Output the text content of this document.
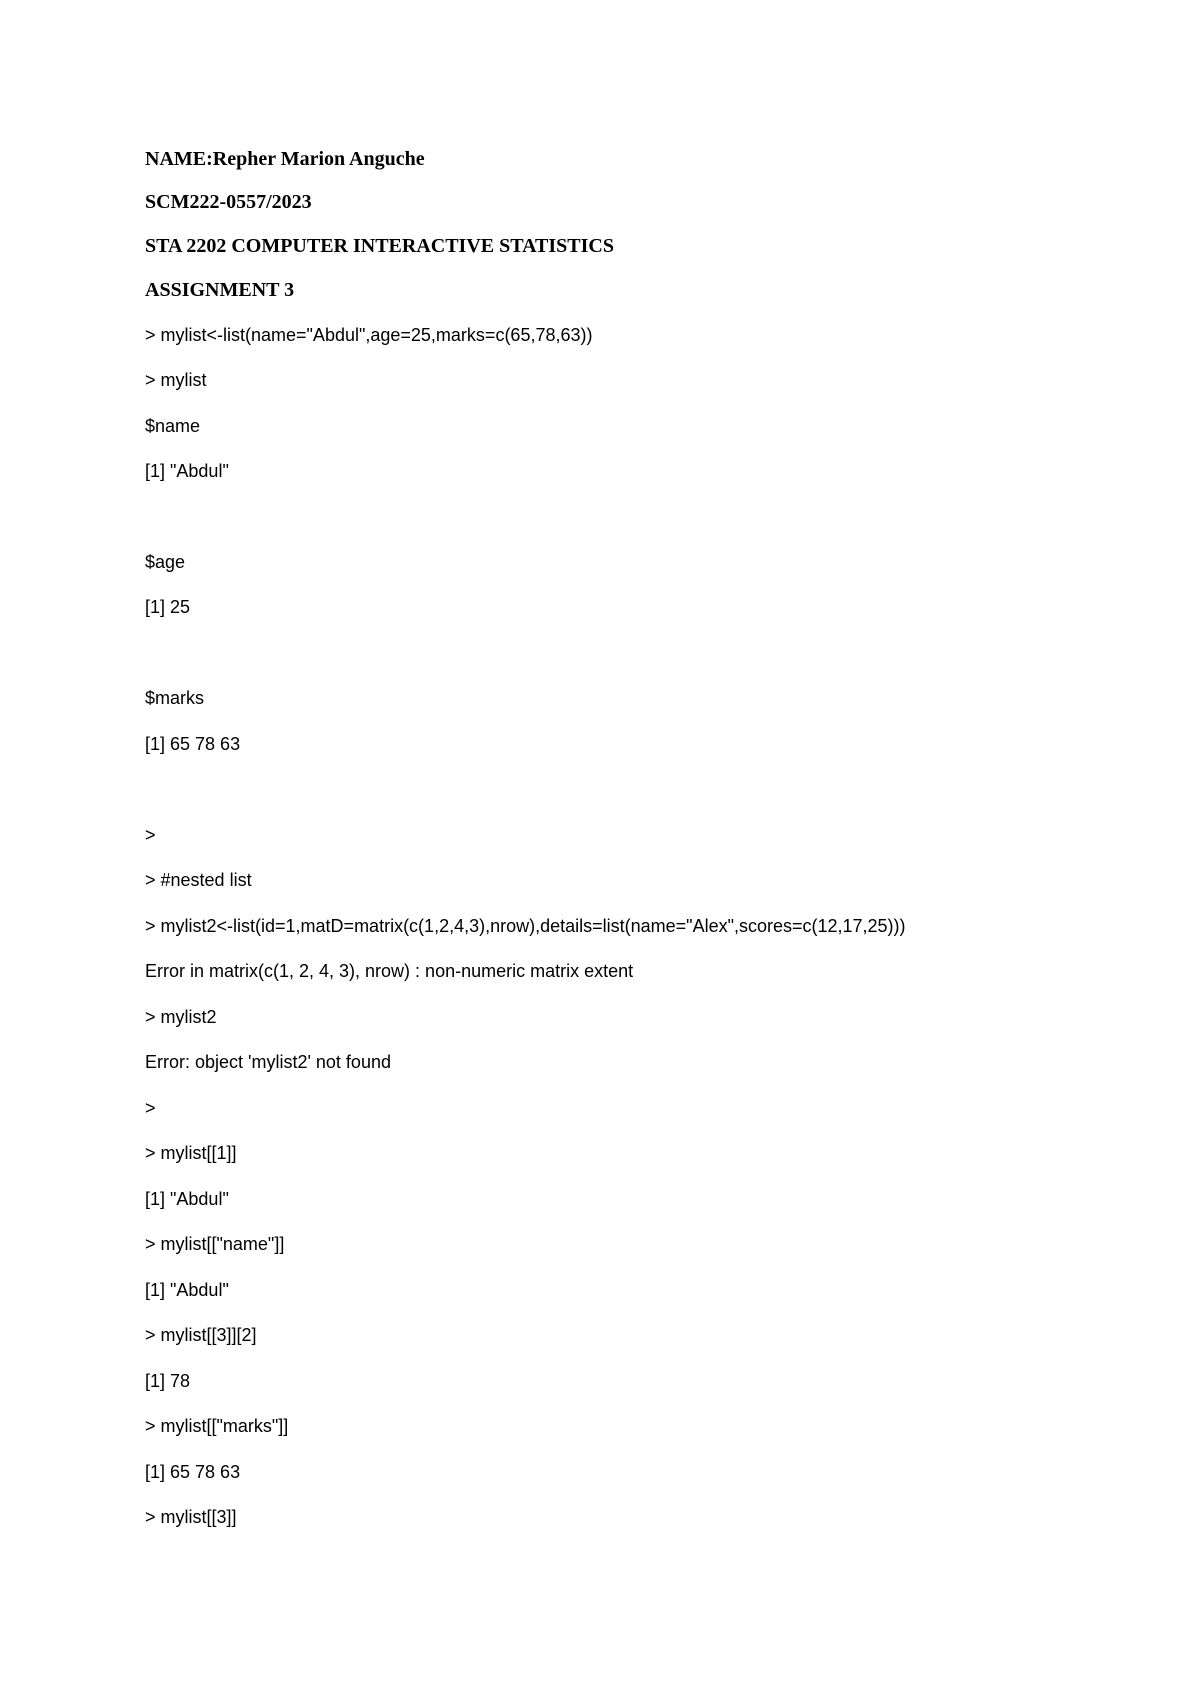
NAME:Repher Marion Anguche

SCM222-0557/2023

STA 2202 COMPUTER INTERACTIVE STATISTICS

ASSIGNMENT 3

> mylist<-list(name="Abdul",age=25,marks=c(65,78,63))

> mylist

$name

[1] "Abdul"

$age

[1] 25

$marks

[1] 65 78 63

>

> #nested list

> mylist2<-list(id=1,matD=matrix(c(1,2,4,3),nrow),details=list(name="Alex",scores=c(12,17,25)))

Error in matrix(c(1, 2, 4, 3), nrow) : non-numeric matrix extent

> mylist2

Error: object 'mylist2' not found

>

> mylist[[1]]

[1] "Abdul"

> mylist[["name"]]

[1] "Abdul"

> mylist[[3]][2]

[1] 78

> mylist[["marks"]]

[1] 65 78 63

> mylist[[3]]
